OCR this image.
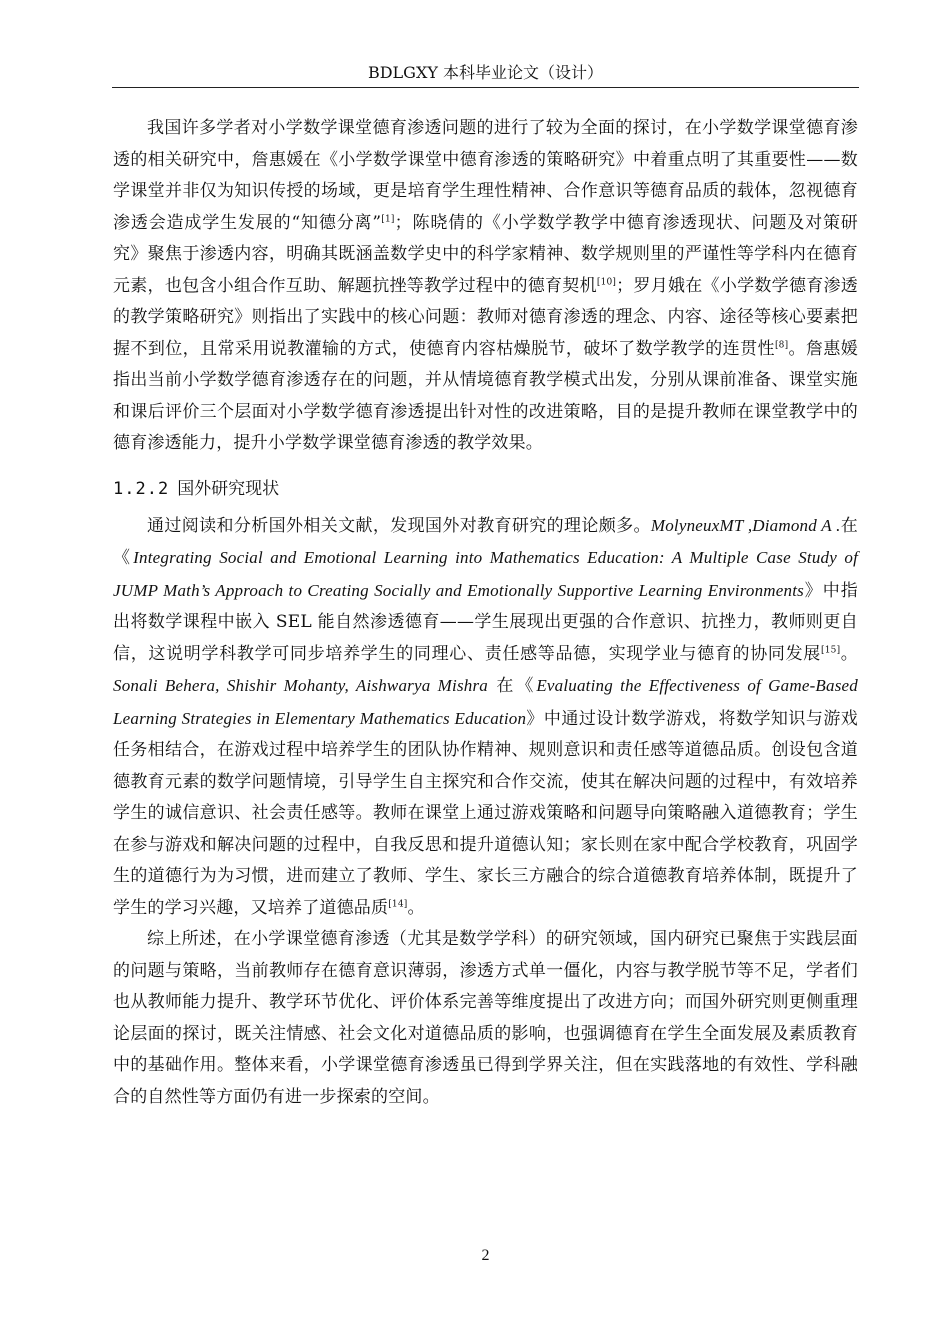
BDLGXY 本科毕业论文（设计）

我国许多学者对小学数学课堂德育渗透问题的进行了较为全面的探讨，在小学数学课堂德育渗透的相关研究中，詹惠媛在《小学数学课堂中德育渗透的策略研究》中着重点明了其重要性——数学课堂并非仅为知识传授的场域，更是培育学生理性精神、合作意识等德育品质的载体，忽视德育渗透会造成学生发展的“知德分离”[1]；陈晓倩的《小学数学教学中德育渗透现状、问题及对策研究》聚焦于渗透内容，明确其既涵盖数学史中的科学家精神、数学规则里的严谨性等学科内在德育元素，也包含小组合作互助、解题抗挫等教学过程中的德育契机[10]；罗月娥在《小学数学德育渗透的教学策略研究》则指出了实践中的核心问题：教师对德育渗透的理念、内容、途径等核心要素把握不到位，且常采用说教灌输的方式，使德育内容枯燥脱节，破坏了数学教学的连贯性[8]。詹惠媛指出当前小学数学德育渗透存在的问题，并从情境德育教学模式出发，分别从课前准备、课堂实施和课后评价三个层面对小学数学德育渗透提出针对性的改进策略，目的是提升教师在课堂教学中的德育渗透能力，提升小学数学课堂德育渗透的教学效果。

1.2.2 国外研究现状

通过阅读和分析国外相关文献，发现国外对教育研究的理论颇多。MolyneuxMT ,Diamond A .在《Integrating Social and Emotional Learning into Mathematics Education: A Multiple Case Study of JUMP Math’s Approach to Creating Socially and Emotionally Supportive Learning Environments》中指出将数学课程中嵌入 SEL 能自然渗透德育——学生展现出更强的合作意识、抗挫力，教师则更自信，这说明学科教学可同步培养学生的同理心、责任感等品德，实现学业与德育的协同发展[15]。Sonali Behera, Shishir Mohanty, Aishwarya Mishra 在《Evaluating the Effectiveness of Game-Based Learning Strategies in Elementary Mathematics Education》中通过设计数学游戏，将数学知识与游戏任务相结合，在游戏过程中培养学生的团队协作精神、规则意识和责任感等道德品质。创设包含道德教育元素的数学问题情境，引导学生自主探究和合作交流，使其在解决问题的过程中，有效培养学生的诚信意识、社会责任感等。教师在课堂上通过游戏策略和问题导向策略融入道德教育；学生在参与游戏和解决问题的过程中，自我反思和提升道德认知；家长则在家中配合学校教育，巩固学生的道德行为为习惯，进而建立了教师、学生、家长三方融合的综合道德教育培养体制，既提升了学生的学习兴趣，又培养了道德品质[14]。

综上所述，在小学课堂德育渗透（尤其是数学学科）的研究领域，国内研究已聚焦于实践层面的问题与策略，当前教师存在德育意识薄弱，渗透方式单一僵化，内容与教学脱节等不足，学者们也从教师能力提升、教学环节优化、评价体系完善等维度提出了改进方向；而国外研究则更侧重理论层面的探讨，既关注情感、社会文化对道德品质的影响，也强调德育在学生全面发展及素质教育中的基础作用。整体来看，小学课堂德育渗透虽已得到学界关注，但在实践落地的有效性、学科融合的自然性等方面仍有进一步探索的空间。

2
